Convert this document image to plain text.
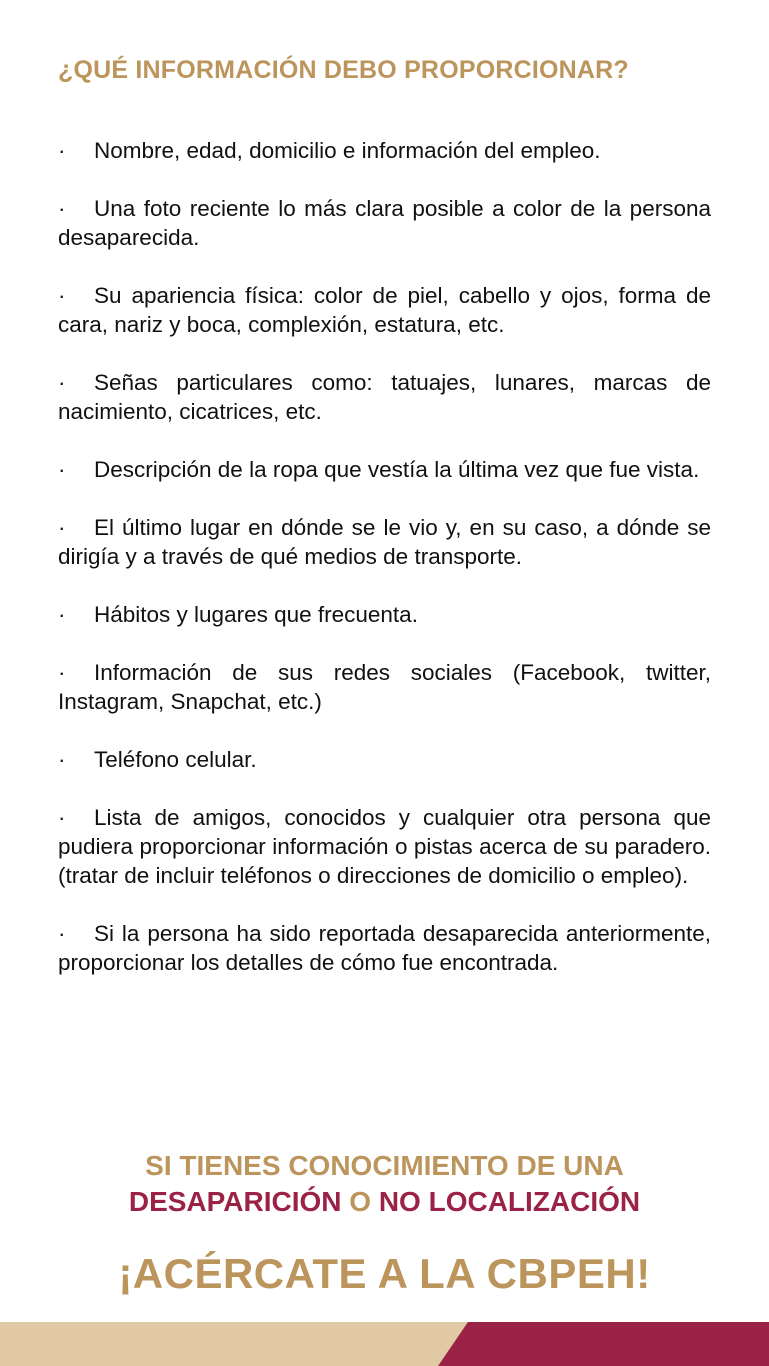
¿QUÉ INFORMACIÓN DEBO PROPORCIONAR?
· Nombre, edad, domicilio e información del empleo.
· Una foto reciente lo más clara posible a color de la persona desaparecida.
· Su apariencia física: color de piel, cabello y ojos, forma de cara, nariz y boca, complexión, estatura, etc.
· Señas particulares como: tatuajes, lunares, marcas de nacimiento, cicatrices, etc.
· Descripción de la ropa que vestía la última vez que fue vista.
· El último lugar en dónde se le vio y, en su caso, a dónde se dirigía y a través de qué medios de transporte.
· Hábitos y lugares que frecuenta.
· Información de sus redes sociales (Facebook, twitter, Instagram, Snapchat, etc.)
· Teléfono celular.
· Lista de amigos, conocidos y cualquier otra persona que pudiera proporcionar información o pistas acerca de su paradero. (tratar de incluir teléfonos o direcciones de domicilio o empleo).
· Si la persona ha sido reportada desaparecida anteriormente, proporcionar los detalles de cómo fue encontrada.

SI TIENES CONOCIMIENTO DE UNA

DESAPARICIÓN O NO LOCALIZACIÓN

¡ACÉRCATE A LA CBPEH!
